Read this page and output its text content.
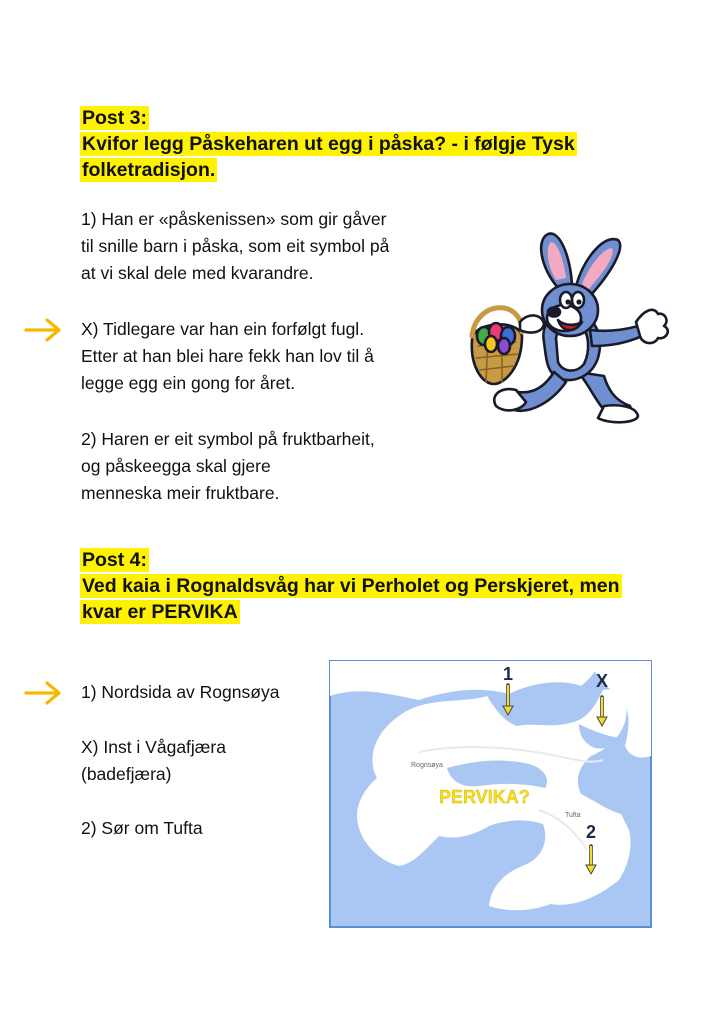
Post 3:
Kvifor legg Påskeharen ut egg i påska? - i følgje Tysk
folketradisjon.
1) Han er «påskenissen» som gir gåver
til snille barn i påska, som eit symbol på
at vi skal dele med kvarandre.
X) Tidlegare var han ein forfølgt fugl.
Etter at han blei hare fekk han lov til å
legge egg ein gong for året.
2) Haren er eit symbol på fruktbarheit,
og påskeegga skal gjere
menneska meir fruktbare.
Post 4:
Ved kaia i Rognaldsvåg har vi Perholet og Perskjeret, men
kvar er PERVIKA
1) Nordsida av Rognsøya
X) Inst i Vågafjæra
(badefjæra)
2) Sør om Tufta
Rognsøya
Tufta
PERVIKA?
1	X
2
